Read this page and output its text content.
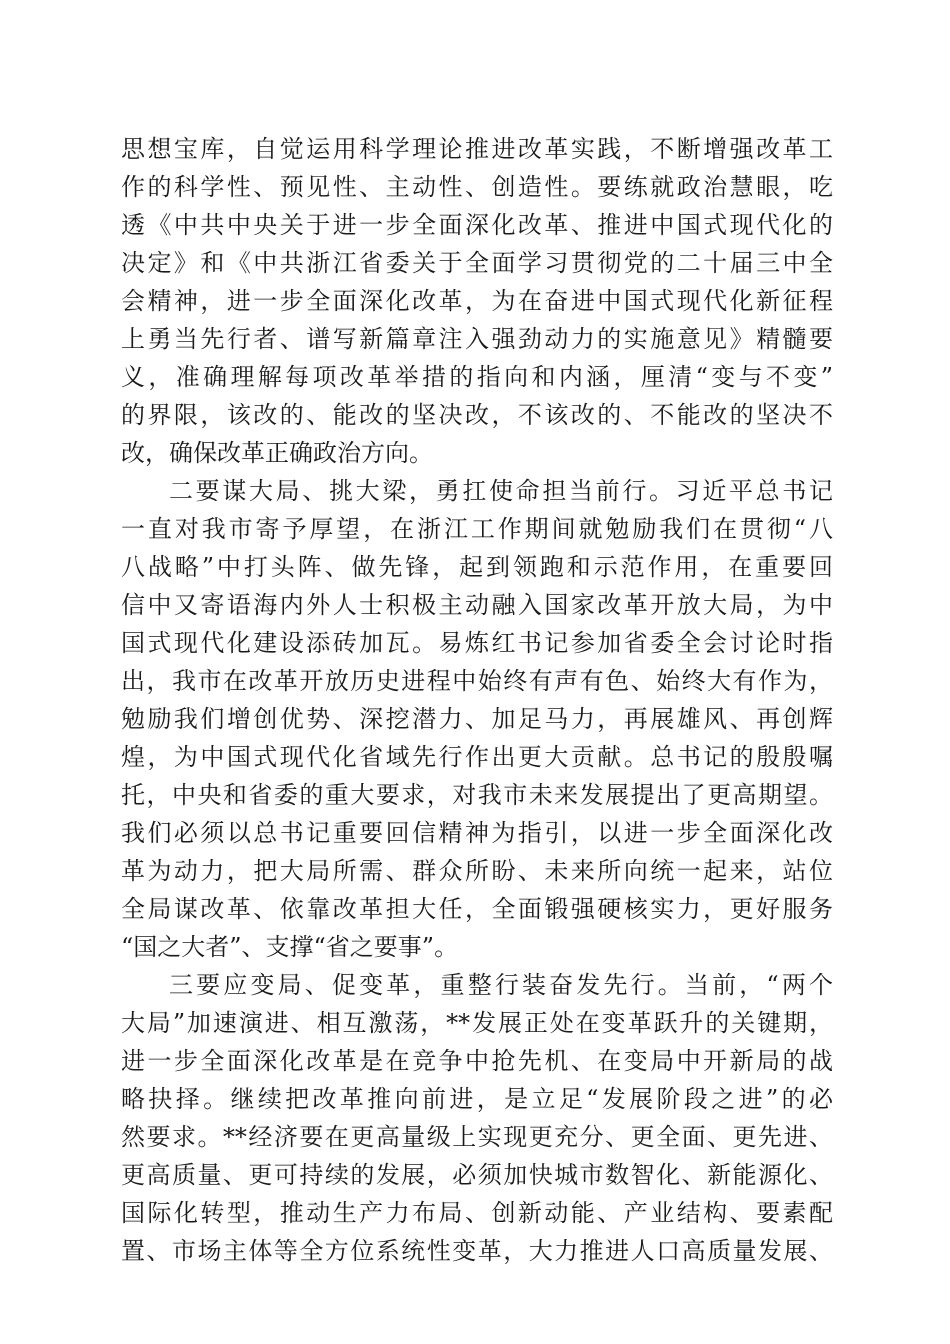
思想宝库，自觉运用科学理论推进改革实践，不断增强改革工
作的科学性、预见性、主动性、创造性。要练就政治慧眼，吃
透《中共中央关于进一步全面深化改革、推进中国式现代化的
决定》和《中共浙江省委关于全面学习贯彻党的二十届三中全
会精神，进一步全面深化改革，为在奋进中国式现代化新征程
上勇当先行者、谱写新篇章注入强劲动力的实施意见》精髓要
义，准确理解每项改革举措的指向和内涵，厘清“变与不变”
的界限，该改的、能改的坚决改，不该改的、不能改的坚决不
改，确保改革正确政治方向。
二要谋大局、挑大梁，勇扛使命担当前行。习近平总书记
一直对我市寄予厚望，在浙江工作期间就勉励我们在贯彻“八
八战略”中打头阵、做先锋，起到领跑和示范作用，在重要回
信中又寄语海内外人士积极主动融入国家改革开放大局，为中
国式现代化建设添砖加瓦。易炼红书记参加省委全会讨论时指
出，我市在改革开放历史进程中始终有声有色、始终大有作为，
勉励我们增创优势、深挖潜力、加足马力，再展雄风、再创辉
煌，为中国式现代化省域先行作出更大贡献。总书记的殷殷嘱
托，中央和省委的重大要求，对我市未来发展提出了更高期望。
我们必须以总书记重要回信精神为指引，以进一步全面深化改
革为动力，把大局所需、群众所盼、未来所向统一起来，站位
全局谋改革、依靠改革担大任，全面锻强硬核实力，更好服务
“国之大者”、支撑“省之要事”。
三要应变局、促变革，重整行装奋发先行。当前，“两个
大局”加速演进、相互激荡，**发展正处在变革跃升的关键期，
进一步全面深化改革是在竞争中抢先机、在变局中开新局的战
略抉择。继续把改革推向前进，是立足“发展阶段之进”的必
然要求。**经济要在更高量级上实现更充分、更全面、更先进、
更高质量、更可持续的发展，必须加快城市数智化、新能源化、
国际化转型，推动生产力布局、创新动能、产业结构、要素配
置、市场主体等全方位系统性变革，大力推进人口高质量发展、
